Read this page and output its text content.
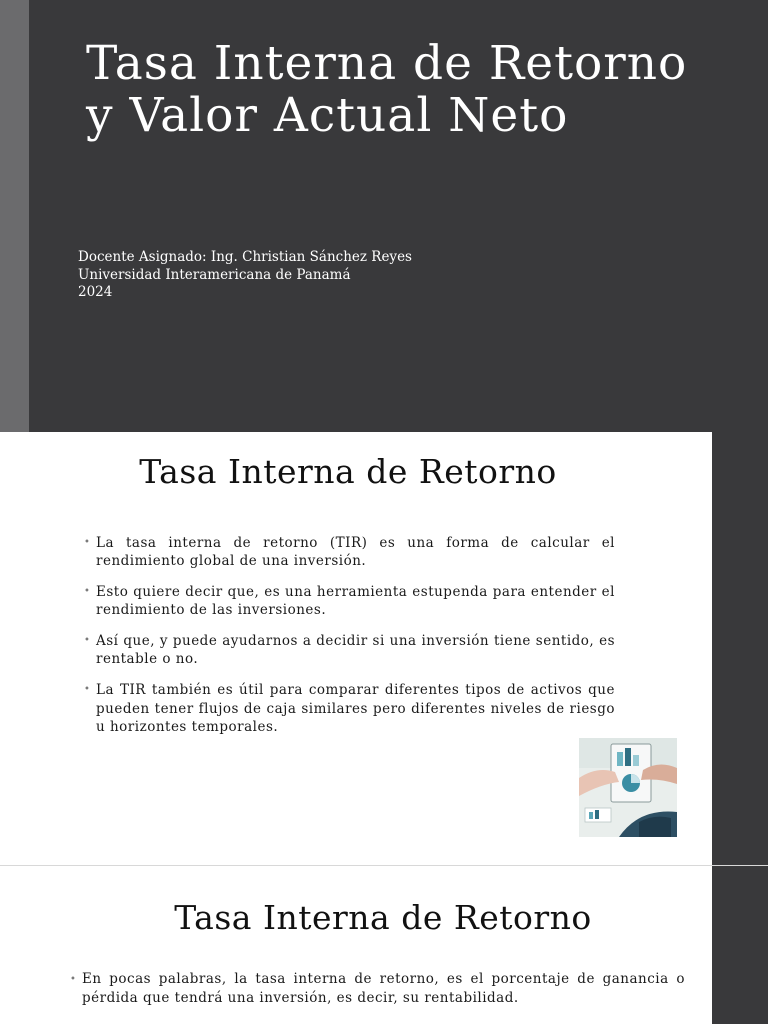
Tasa Interna de Retorno
y Valor Actual Neto
Docente Asignado: Ing. Christian Sánchez Reyes
Universidad Interamericana de Panamá
2024
Tasa Interna de Retorno
• La tasa interna de retorno (TIR) es una forma de calcular el rendimiento global de una inversión.
• Esto quiere decir que, es una herramienta estupenda para entender el rendimiento de las inversiones.
• Así que, y puede ayudarnos a decidir si una inversión tiene sentido, es rentable o no.
• La TIR también es útil para comparar diferentes tipos de activos que pueden tener flujos de caja similares pero diferentes niveles de riesgo u horizontes temporales.
Tasa Interna de Retorno
• En pocas palabras, la tasa interna de retorno, es el porcentaje de ganancia o pérdida que tendrá una inversión, es decir, su rentabilidad.
